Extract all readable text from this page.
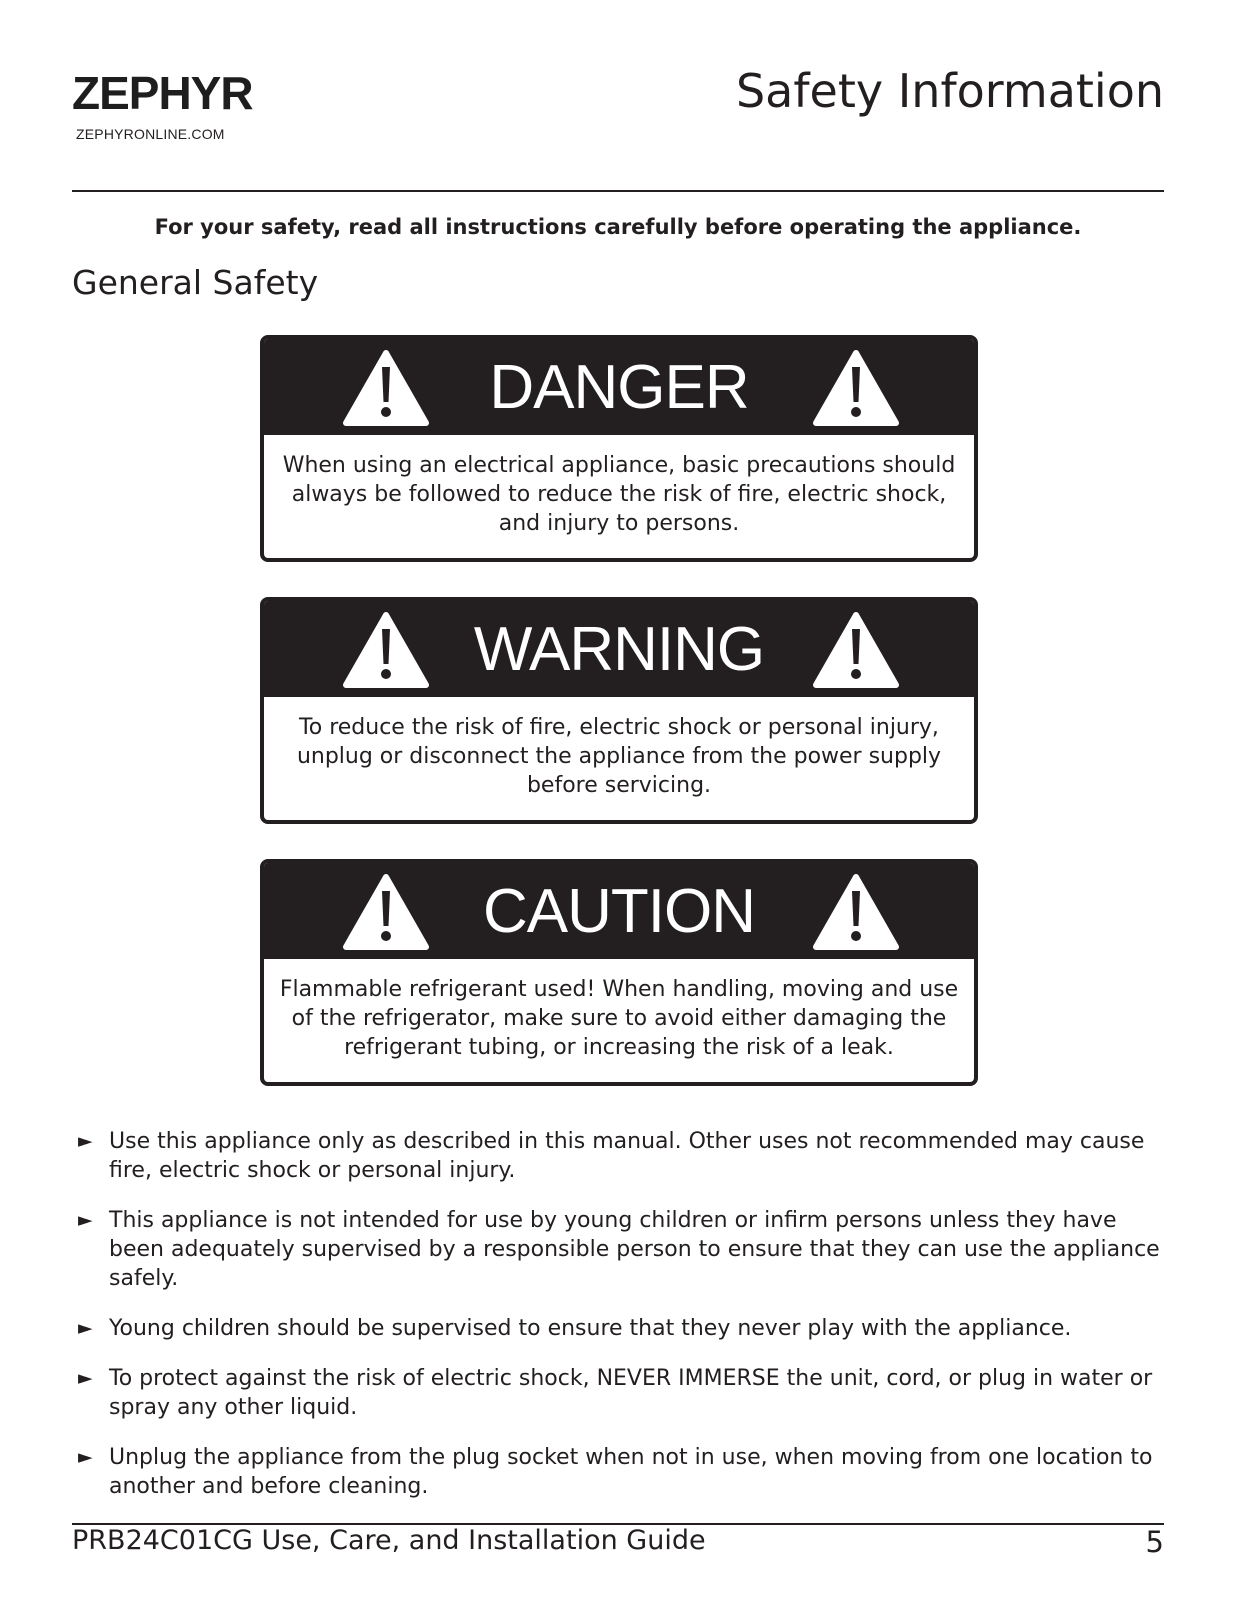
ZEPHYR
ZEPHYRONLINE.COM
Safety Information
For your safety, read all instructions carefully before operating the appliance.
General Safety
DANGER
When using an electrical appliance, basic precautions should always be followed to reduce the risk of fire, electric shock, and injury to persons.
WARNING
To reduce the risk of fire, electric shock or personal injury, unplug or disconnect the appliance from the power supply before servicing.
CAUTION
Flammable refrigerant used! When handling, moving and use of the refrigerator, make sure to avoid either damaging the refrigerant tubing, or increasing the risk of a leak.
► Use this appliance only as described in this manual. Other uses not recommended may cause fire, electric shock or personal injury.
► This appliance is not intended for use by young children or infirm persons unless they have been adequately supervised by a responsible person to ensure that they can use the appliance safely.
► Young children should be supervised to ensure that they never play with the appliance.
► To protect against the risk of electric shock, NEVER IMMERSE the unit, cord, or plug in water or spray any other liquid.
► Unplug the appliance from the plug socket when not in use, when moving from one location to another and before cleaning.
PRB24C01CG Use, Care, and Installation Guide	5
